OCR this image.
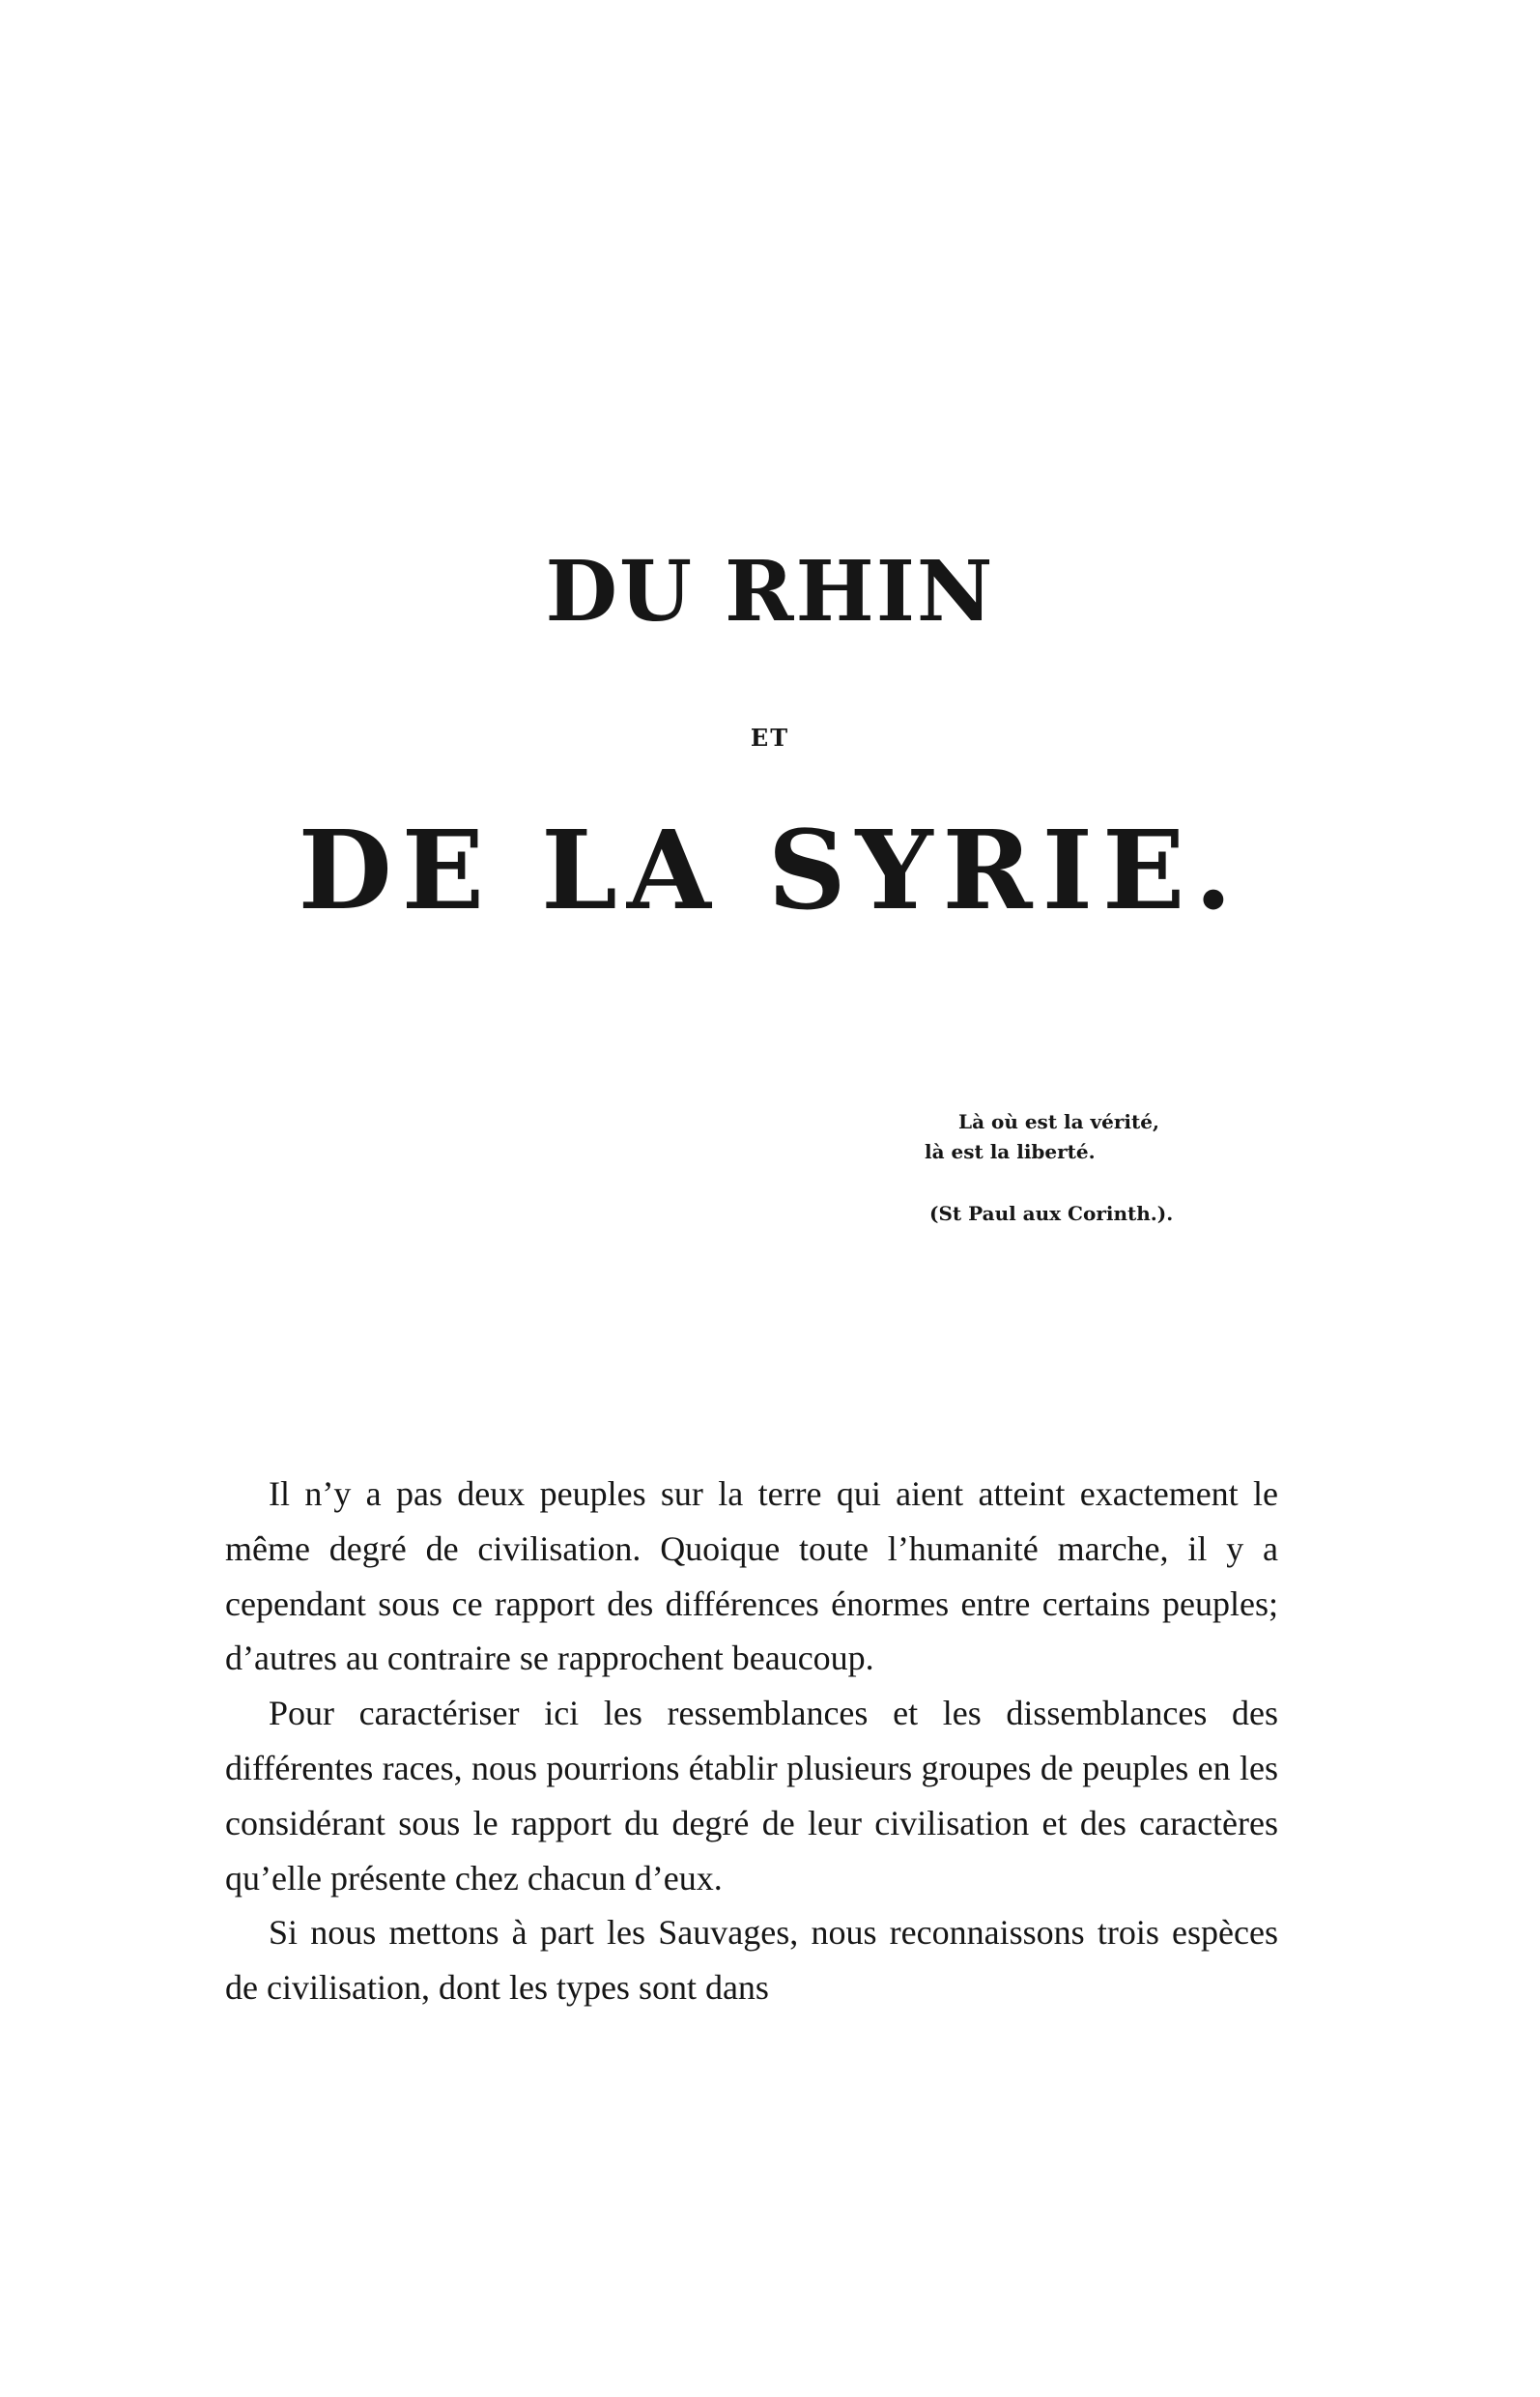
DU RHIN
ET
DE LA SYRIE.
Là où est la vérité,
là est la liberté.
(St Paul aux Corinth.).

Il n’y a pas deux peuples sur la terre qui aient atteint exactement le même degré de civilisation. Quoique toute l’humanité marche, il y a cependant sous ce rapport des différences énormes entre certains peuples; d’autres au contraire se rapprochent beaucoup.

Pour caractériser ici les ressemblances et les dissemblances des différentes races, nous pourrions établir plusieurs groupes de peuples en les considérant sous le rapport du degré de leur civilisation et des caractères qu’elle présente chez chacun d’eux.

Si nous mettons à part les Sauvages, nous reconnaissons trois espèces de civilisation, dont les types sont dans
